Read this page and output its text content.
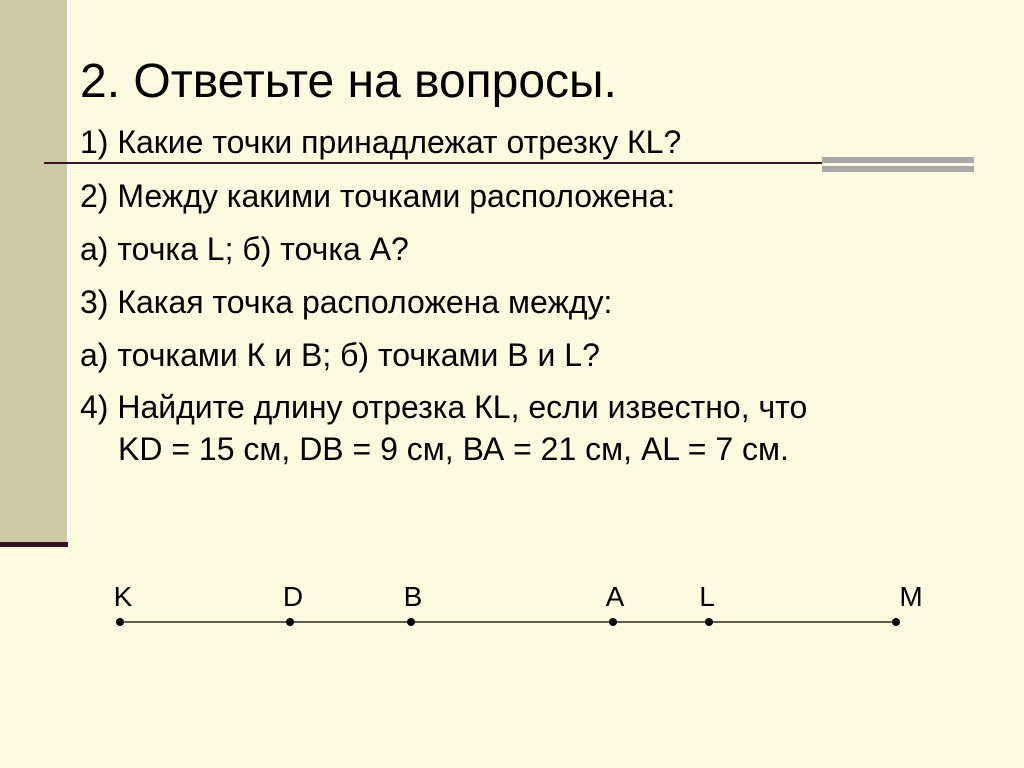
2. Ответьте на вопросы.

1) Какие точки принадлежат отрезку КL?

2) Между какими точками расположена:

а) точка L; б) точка А?

3) Какая точка расположена между:

а) точками К и В; б) точками В и L?

4) Найдите длину отрезка КL, если известно, что

KD = 15 см, DB = 9 см, ВА = 21 см, AL = 7 см.

K	D	B	A	L	M
